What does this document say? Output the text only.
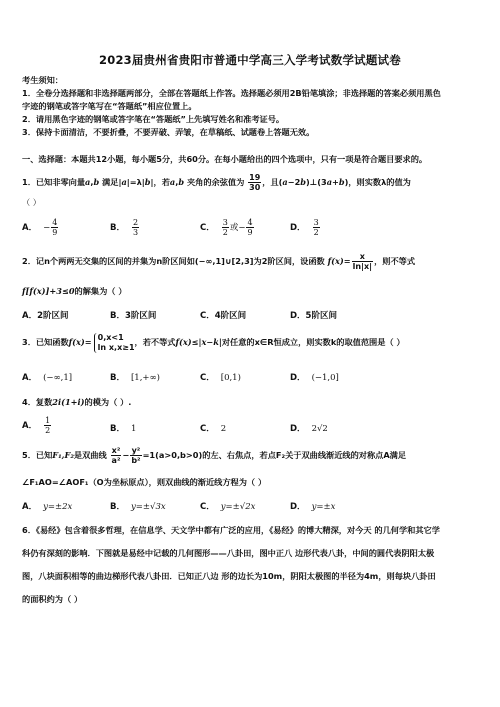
2023届贵州省贵阳市普通中学高三入学考试数学试题试卷
考生须知：
1．全卷分选择题和非选择题两部分，全部在答题纸上作答。选择题必须用2B铅笔填涂；非选择题的答案必须用黑色
字迹的钢笔或答字笔写在“答题纸”相应位置上。
2．请用黑色字迹的钢笔或答字笔在“答题纸”上先填写姓名和准考证号。
3．保持卡面清洁，不要折叠，不要弄破、弄皱，在草稿纸、试题卷上答题无效。
一、选择题：本题共12小题，每小题5分，共60分。在每小题给出的四个选项中，只有一项是符合题目要求的。
1．已知非零向量a,b 满足|a|=λ|b|，若a,b 夹角的余弦值为 $\frac{19}{30}$ ，且(a−2b)⊥(3a+b)，则实数λ的值为
（ ）
A． − $\frac{4}{9}$	B． $\frac{2}{3}$	C． $\frac{3}{2}$ 或− $\frac{4}{9}$	D． $\frac{3}{2}$
2．记n个两两无交集的区间的并集为n阶区间如(−∞,1]∪[2,3]为2阶区间，设函数 $f(x)= \frac{x}{\ln|x|}$ ，则不等式
f[f(x)]+3≤0的解集为（ ）
A．2阶区间	B．3阶区间	C．4阶区间	D．5阶区间
3．已知函数f(x)= 0,x<1
ln x,x≥1 ，若不等式f(x)≤|x−k|对任意的x∈R恒成立，则实数k的取值范围是（ ）
A． (−∞,1]	B． [1,+∞)	C． [0,1)	D． (−1,0]
4．复数2i(1+i)的模为（ ）.
A． $\frac{1}{2}$	B． 1	C． 2	D． 2√2
5．已知F₁,F₂是双曲线 $\frac{\text{x²}}{\text{a²}} - \frac{\text{y²}}{\text{b²}} =1(a>0,b>0)$的左、右焦点，若点F₂关于双曲线渐近线的对称点A满足
∠F₁AO=∠AOF₁（O为坐标原点），则双曲线的渐近线方程为（ ）
A． y=±2x	B． y=±√3x	C． y=±√2x	D． y=±x
6．《易经》包含着很多哲理，在信息学、天文学中都有广泛的应用，《易经》的博大精深，对今天 的几何学和其它学
科仍有深刻的影响．下图就是易经中记载的几何图形——八卦田，图中正八 边形代表八卦，中间的圆代表阴阳太极
图，八块面积相等的曲边梯形代表八卦田．已知正八边 形的边长为10m，阴阳太极图的半径为4m，则每块八卦田
的面积约为（ ）
